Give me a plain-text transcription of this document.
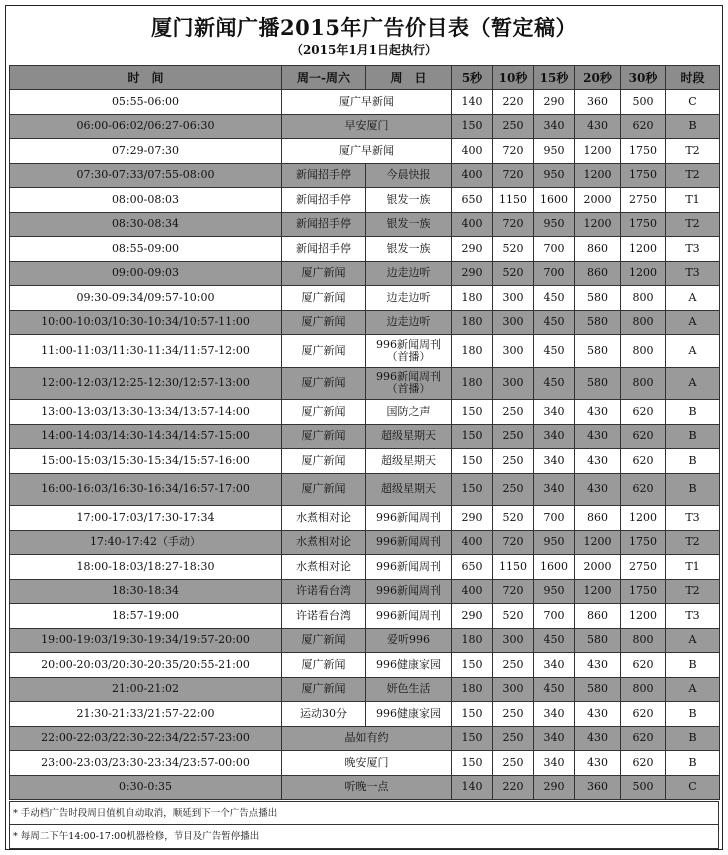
厦门新闻广播2015年广告价目表（暂定稿）
（2015年1月1日起执行）
时　间	周一-周六	周　日	5秒	10秒	15秒	20秒	30秒	时段
05:55-06:00	厦广早新闻		140	220	290	360	500	C
06:00-06:02/06:27-06:30	早安厦门		150	250	340	430	620	B
07:29-07:30	厦广早新闻		400	720	950	1200	1750	T2
07:30-07:33/07:55-08:00	新闻招手停	今晨快报	400	720	950	1200	1750	T2
08:00-08:03	新闻招手停	银发一族	650	1150	1600	2000	2750	T1
08:30-08:34	新闻招手停	银发一族	400	720	950	1200	1750	T2
08:55-09:00	新闻招手停	银发一族	290	520	700	860	1200	T3
09:00-09:03	厦广新闻	边走边听	290	520	700	860	1200	T3
09:30-09:34/09:57-10:00	厦广新闻	边走边听	180	300	450	580	800	A
10:00-10:03/10:30-10:34/10:57-11:00	厦广新闻	边走边听	180	300	450	580	800	A
11:00-11:03/11:30-11:34/11:57-12:00	厦广新闻	996新闻周刊（首播）	180	300	450	580	800	A
12:00-12:03/12:25-12:30/12:57-13:00	厦广新闻	996新闻周刊（首播）	180	300	450	580	800	A
13:00-13:03/13:30-13:34/13:57-14:00	厦广新闻	国防之声	150	250	340	430	620	B
14:00-14:03/14:30-14:34/14:57-15:00	厦广新闻	超级星期天	150	250	340	430	620	B
15:00-15:03/15:30-15:34/15:57-16:00	厦广新闻	超级星期天	150	250	340	430	620	B
16:00-16:03/16:30-16:34/16:57-17:00	厦广新闻	超级星期天	150	250	340	430	620	B
17:00-17:03/17:30-17:34	水煮相对论	996新闻周刊	290	520	700	860	1200	T3
17:40-17:42（手动）	水煮相对论	996新闻周刊	400	720	950	1200	1750	T2
18:00-18:03/18:27-18:30	水煮相对论	996新闻周刊	650	1150	1600	2000	2750	T1
18:30-18:34	许诺看台湾	996新闻周刊	400	720	950	1200	1750	T2
18:57-19:00	许诺看台湾	996新闻周刊	290	520	700	860	1200	T3
19:00-19:03/19:30-19:34/19:57-20:00	厦广新闻	爱听996	180	300	450	580	800	A
20:00-20:03/20:30-20:35/20:55-21:00	厦广新闻	996健康家园	150	250	340	430	620	B
21:00-21:02	厦广新闻	妍色生活	180	300	450	580	800	A
21:30-21:33/21:57-22:00	运动30分	996健康家园	150	250	340	430	620	B
22:00-22:03/22:30-22:34/22:57-23:00	晶如有约		150	250	340	430	620	B
23:00-23:03/23:30-23:34/23:57-00:00	晚安厦门		150	250	340	430	620	B
0:30-0:35	听晚一点		140	220	290	360	500	C
* 手动档广告时段周日值机自动取消，顺延到下一个广告点播出
* 每周二下午14:00-17:00机器检修，节目及广告暂停播出
